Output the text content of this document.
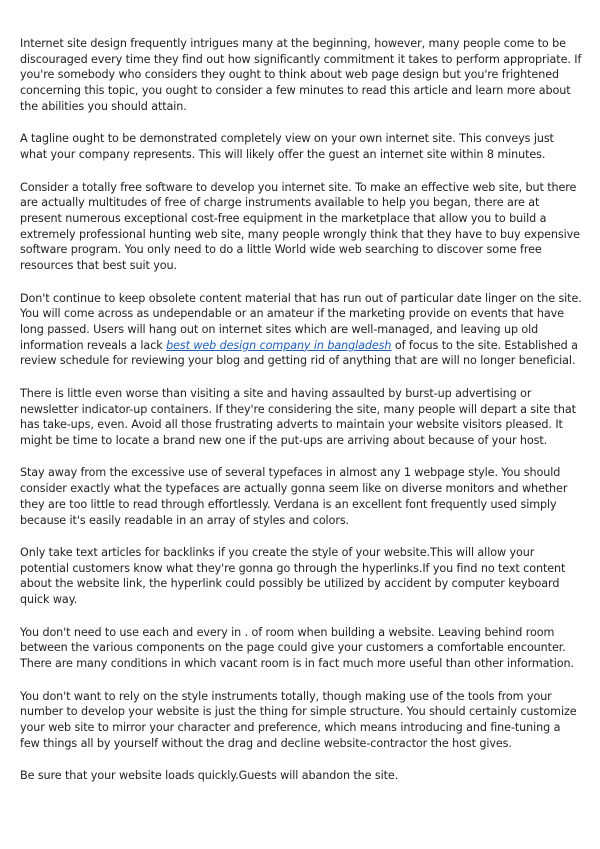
Internet site design frequently intrigues many at the beginning, however, many people come to be discouraged every time they find out how significantly commitment it takes to perform appropriate. If you're somebody who considers they ought to think about web page design but you're frightened concerning this topic, you ought to consider a few minutes to read this article and learn more about the abilities you should attain.

A tagline ought to be demonstrated completely view on your own internet site. This conveys just what your company represents. This will likely offer the guest an internet site within 8 minutes.

Consider a totally free software to develop you internet site. To make an effective web site, but there are actually multitudes of free of charge instruments available to help you began, there are at present numerous exceptional cost-free equipment in the marketplace that allow you to build a extremely professional hunting web site, many people wrongly think that they have to buy expensive software program. You only need to do a little World wide web searching to discover some free resources that best suit you.

Don't continue to keep obsolete content material that has run out of particular date linger on the site. You will come across as undependable or an amateur if the marketing provide on events that have long passed. Users will hang out on internet sites which are well-managed, and leaving up old information reveals a lack best web design company in bangladesh of focus to the site. Established a review schedule for reviewing your blog and getting rid of anything that are will no longer beneficial.

There is little even worse than visiting a site and having assaulted by burst-up advertising or newsletter indicator-up containers. If they're considering the site, many people will depart a site that has take-ups, even. Avoid all those frustrating adverts to maintain your website visitors pleased. It might be time to locate a brand new one if the put-ups are arriving about because of your host.

Stay away from the excessive use of several typefaces in almost any 1 webpage style. You should consider exactly what the typefaces are actually gonna seem like on diverse monitors and whether they are too little to read through effortlessly. Verdana is an excellent font frequently used simply because it's easily readable in an array of styles and colors.

Only take text articles for backlinks if you create the style of your website.This will allow your potential customers know what they're gonna go through the hyperlinks.If you find no text content about the website link, the hyperlink could possibly be utilized by accident by computer keyboard quick way.

You don't need to use each and every in . of room when building a website. Leaving behind room between the various components on the page could give your customers a comfortable encounter. There are many conditions in which vacant room is in fact much more useful than other information.

You don't want to rely on the style instruments totally, though making use of the tools from your number to develop your website is just the thing for simple structure. You should certainly customize your web site to mirror your character and preference, which means introducing and fine-tuning a few things all by yourself without the drag and decline website-contractor the host gives.

Be sure that your website loads quickly.Guests will abandon the site.
